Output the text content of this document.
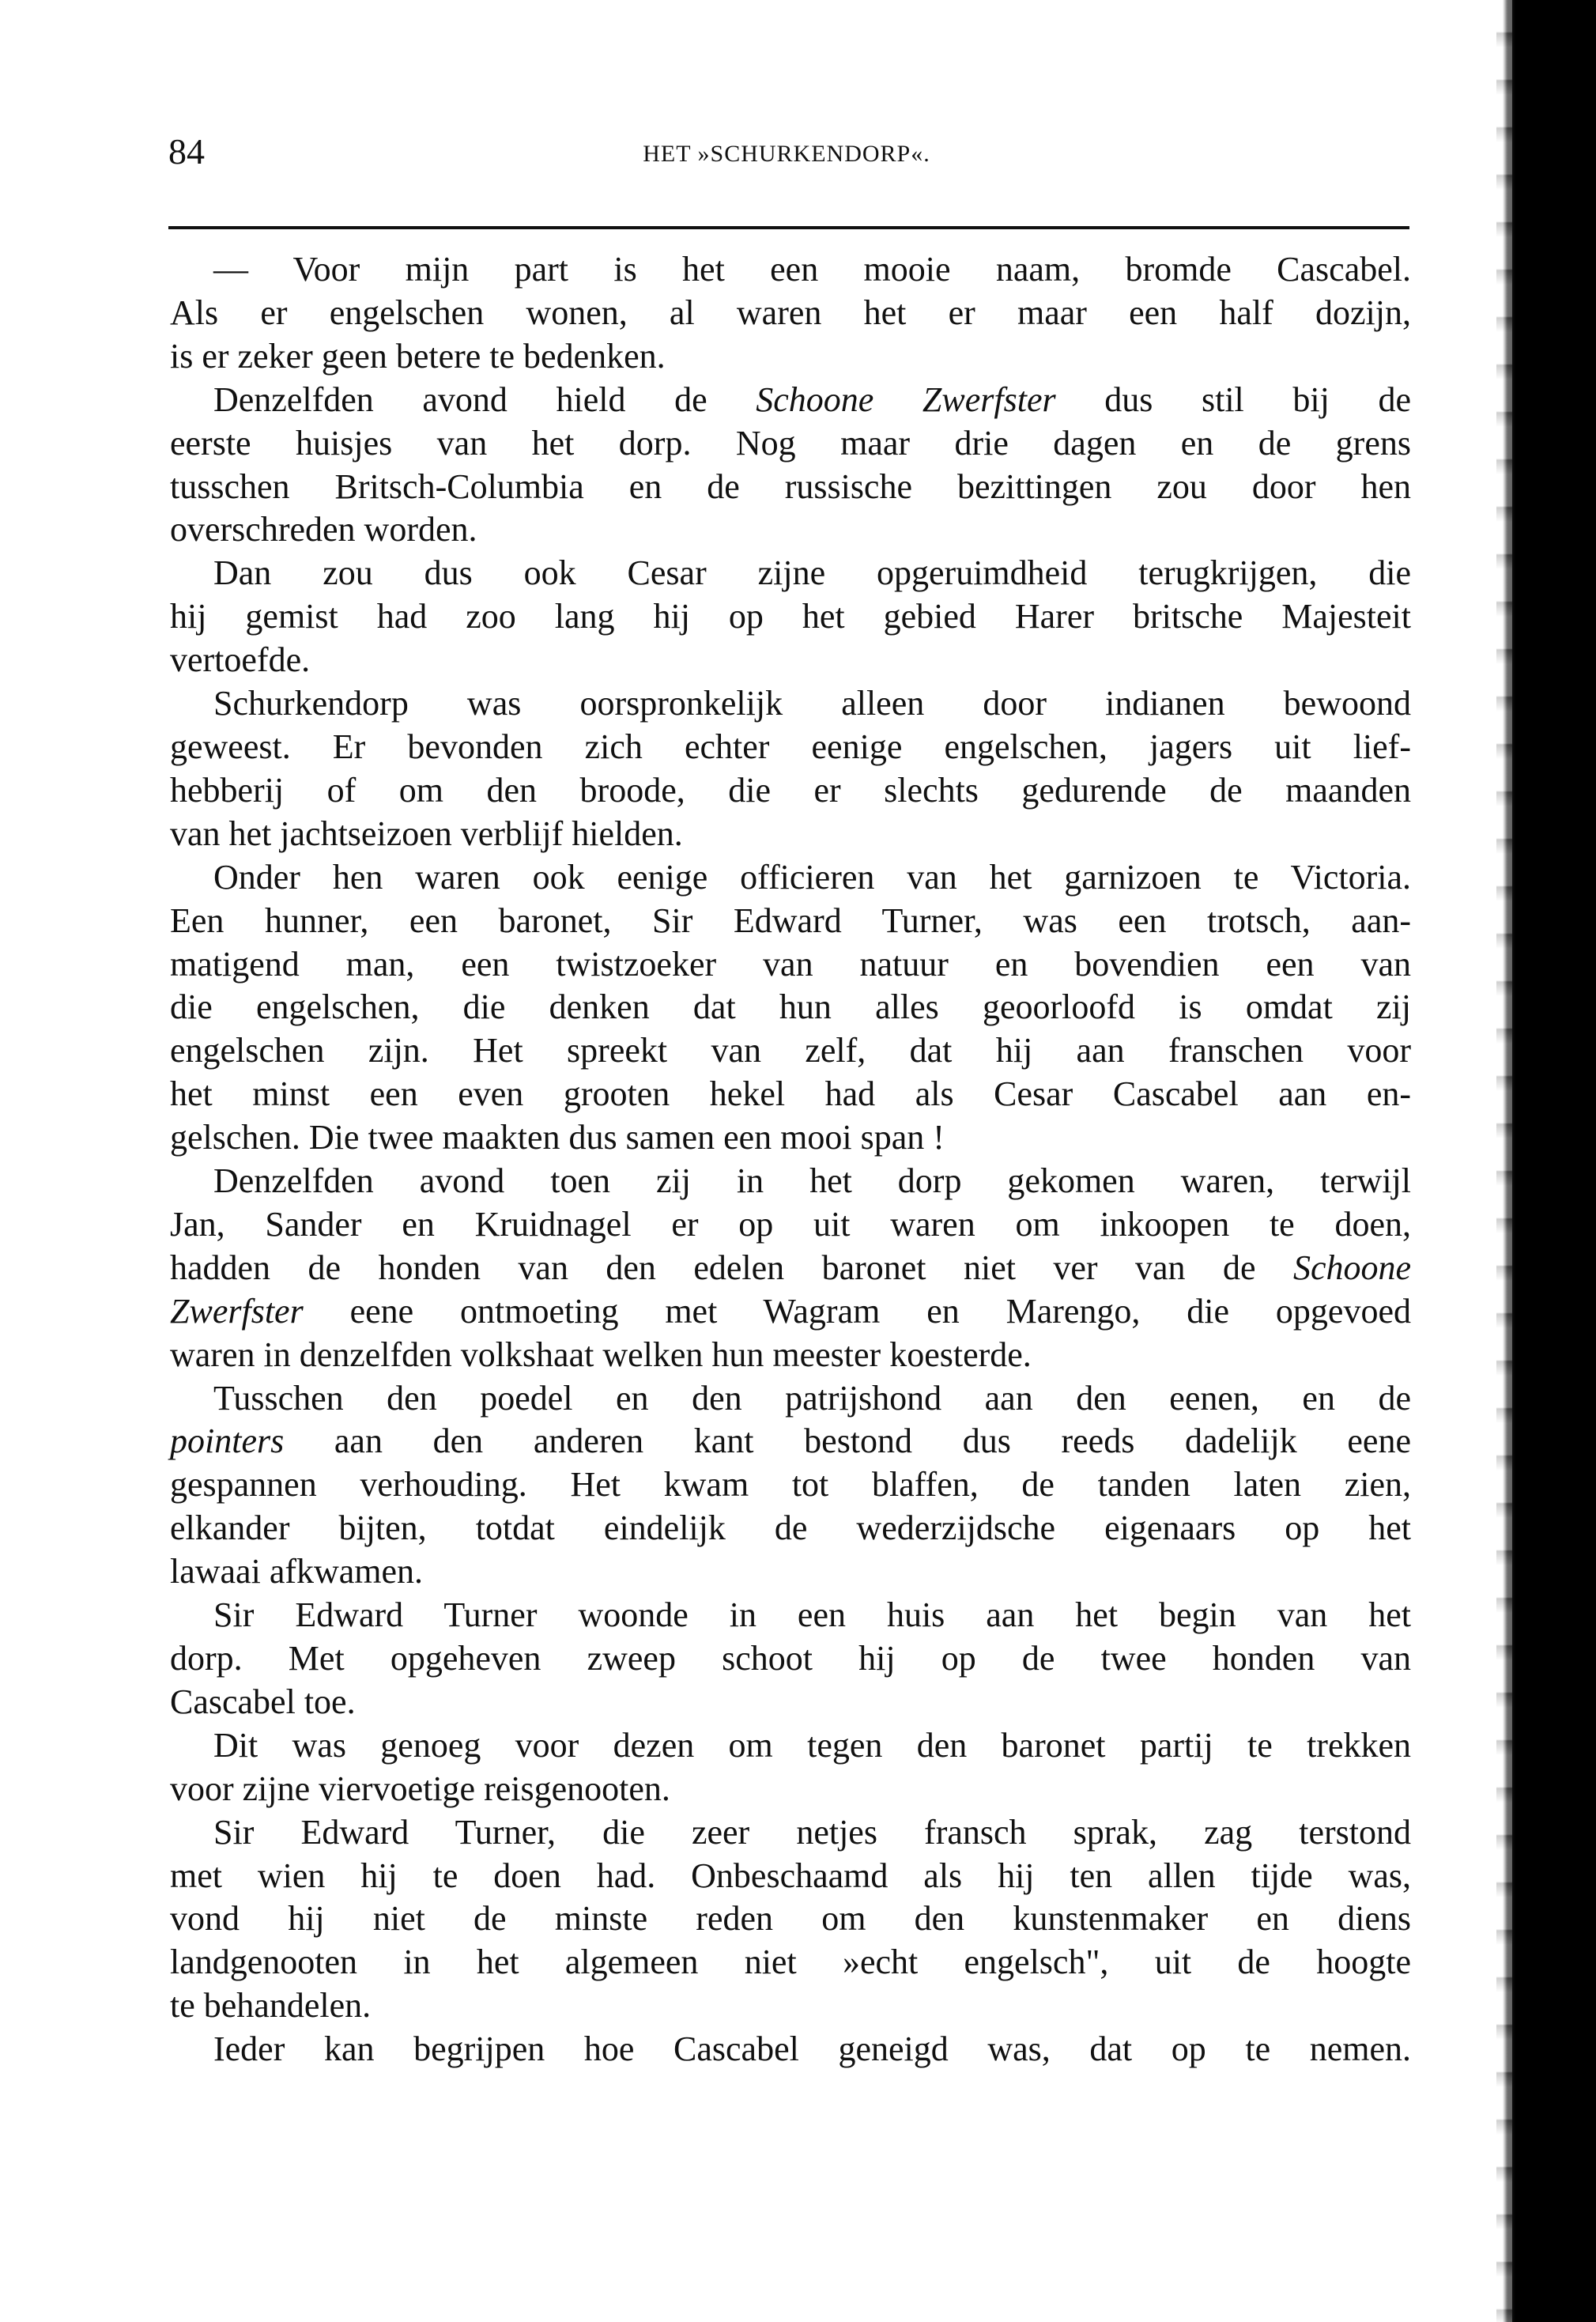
84	HET »SCHURKENDORP«.
— Voor mijn part is het een mooie naam, bromde Cascabel.
Als er engelschen wonen, al waren het er maar een half dozijn,
is er zeker geen betere te bedenken.
Denzelfden avond hield de Schoone Zwerfster dus stil bij de
eerste huisjes van het dorp. Nog maar drie dagen en de grens
tusschen Britsch-Columbia en de russische bezittingen zou door hen
overschreden worden.
Dan zou dus ook Cesar zijne opgeruimdheid terugkrijgen, die
hij gemist had zoo lang hij op het gebied Harer britsche Majesteit
vertoefde.
Schurkendorp was oorspronkelijk alleen door indianen bewoond
geweest. Er bevonden zich echter eenige engelschen, jagers uit lief-
hebberij of om den broode, die er slechts gedurende de maanden
van het jachtseizoen verblijf hielden.
Onder hen waren ook eenige officieren van het garnizoen te Victoria.
Een hunner, een baronet, Sir Edward Turner, was een trotsch, aan-
matigend man, een twistzoeker van natuur en bovendien een van
die engelschen, die denken dat hun alles geoorloofd is omdat zij
engelschen zijn. Het spreekt van zelf, dat hij aan franschen voor
het minst een even grooten hekel had als Cesar Cascabel aan en-
gelschen. Die twee maakten dus samen een mooi span !
Denzelfden avond toen zij in het dorp gekomen waren, terwijl
Jan, Sander en Kruidnagel er op uit waren om inkoopen te doen,
hadden de honden van den edelen baronet niet ver van de Schoone
Zwerfster eene ontmoeting met Wagram en Marengo, die opgevoed
waren in denzelfden volkshaat welken hun meester koesterde.
Tusschen den poedel en den patrijshond aan den eenen, en de
pointers aan den anderen kant bestond dus reeds dadelijk eene
gespannen verhouding. Het kwam tot blaffen, de tanden laten zien,
elkander bijten, totdat eindelijk de wederzijdsche eigenaars op het
lawaai afkwamen.
Sir Edward Turner woonde in een huis aan het begin van het
dorp. Met opgeheven zweep schoot hij op de twee honden van
Cascabel toe.
Dit was genoeg voor dezen om tegen den baronet partij te trekken
voor zijne viervoetige reisgenooten.
Sir Edward Turner, die zeer netjes fransch sprak, zag terstond
met wien hij te doen had. Onbeschaamd als hij ten allen tijde was,
vond hij niet de minste reden om den kunstenmaker en diens
landgenooten in het algemeen niet »echt engelsch", uit de hoogte
te behandelen.
Ieder kan begrijpen hoe Cascabel geneigd was, dat op te nemen.
